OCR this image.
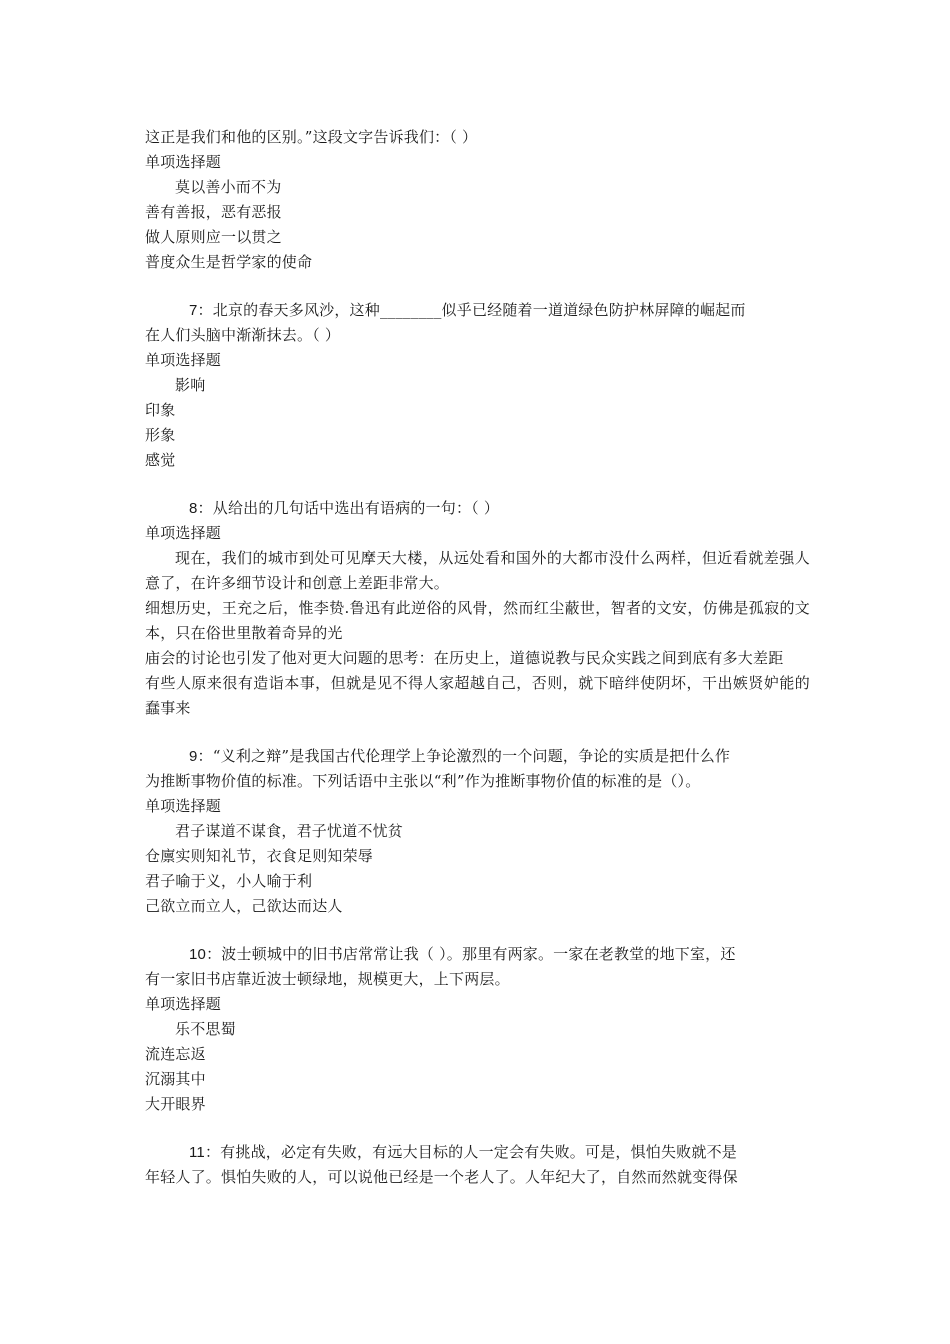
这正是我们和他的区别。”这段文字告诉我们：（ ）
单项选择题
莫以善小而不为
善有善报，恶有恶报
做人原则应一以贯之
普度众生是哲学家的使命
7：北京的春天多风沙，这种________似乎已经随着一道道绿色防护林屏障的崛起而
在人们头脑中渐渐抹去。（ ）
单项选择题
影响
印象
形象
感觉
8：从给出的几句话中选出有语病的一句：（ ）
单项选择题
现在，我们的城市到处可见摩天大楼，从远处看和国外的大都市没什么两样，但近看就差强人意了，在许多细节设计和创意上差距非常大。
细想历史，王充之后，惟李贽.鲁迅有此逆俗的风骨，然而红尘蔽世，智者的文安，仿佛是孤寂的文本，只在俗世里散着奇异的光
庙会的讨论也引发了他对更大问题的思考：在历史上，道德说教与民众实践之间到底有多大差距
有些人原来很有造诣本事，但就是见不得人家超越自己，否则，就下暗绊使阴坏，干出嫉贤妒能的蠢事来
9：“义利之辩”是我国古代伦理学上争论激烈的一个问题，争论的实质是把什么作
为推断事物价值的标准。下列话语中主张以“利”作为推断事物价值的标准的是（）。
单项选择题
君子谋道不谋食，君子忧道不忧贫
仓廪实则知礼节，衣食足则知荣辱
君子喻于义，小人喻于利
己欲立而立人，己欲达而达人
10：波士顿城中的旧书店常常让我（ ）。那里有两家。一家在老教堂的地下室，还
有一家旧书店靠近波士顿绿地，规模更大，上下两层。
单项选择题
乐不思蜀
流连忘返
沉溺其中
大开眼界
11：有挑战，必定有失败，有远大目标的人一定会有失败。可是，惧怕失败就不是
年轻人了。惧怕失败的人，可以说他已经是一个老人了。人年纪大了，自然而然就变得保
